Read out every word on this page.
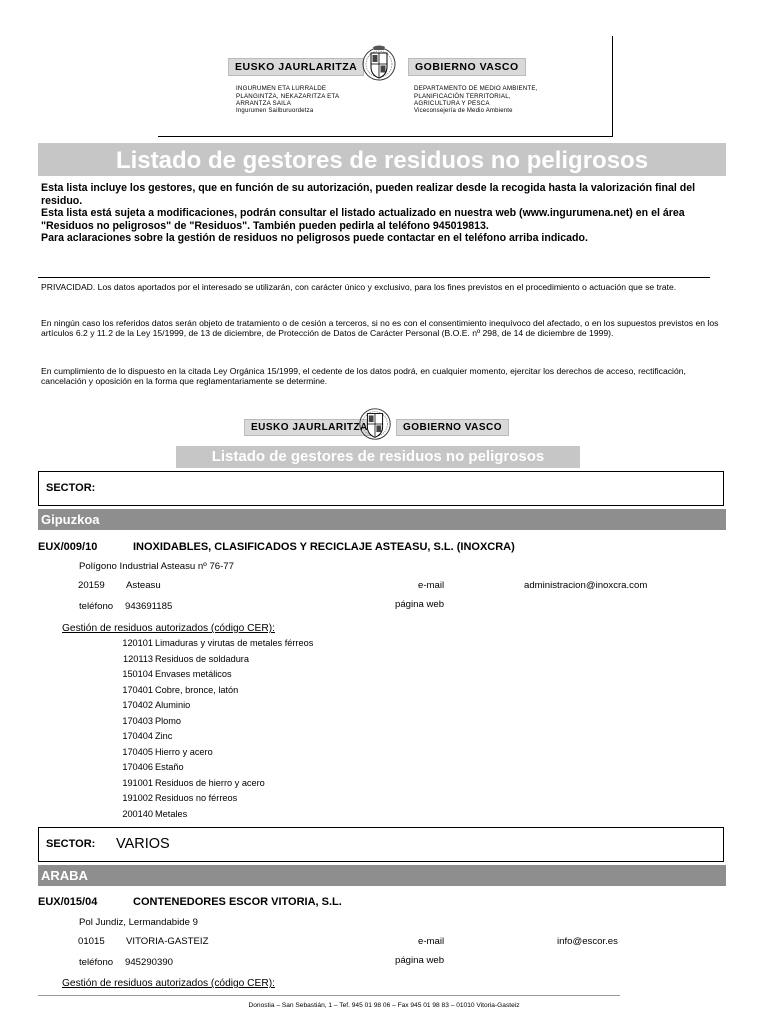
EUSKO JAURLARITZA	GOBIERNO VASCO
INGURUMEN ETA LURRALDE
PLANGINTZA, NEKAZARITZA ETA
ARRANTZA SAILA
Ingurumen Sailburuordetza
DEPARTAMENTO DE MEDIO AMBIENTE,
PLANIFICACIÓN TERRITORIAL,
AGRICULTURA Y PESCA
Viceconsejería de Medio Ambiente
Listado de gestores de residuos no peligrosos
Esta lista incluye los gestores, que en función de su autorización, pueden realizar desde la recogida hasta la valorización final del residuo.
Esta lista está sujeta a modificaciones, podrán consultar el listado actualizado en nuestra web (www.ingurumena.net) en el área "Residuos no peligrosos" de "Residuos". También pueden pedirla al teléfono 945019813.
Para aclaraciones sobre la gestión de residuos no peligrosos puede contactar en el teléfono arriba indicado.
PRIVACIDAD. Los datos aportados por el interesado se utilizarán, con carácter único y exclusivo, para los fines previstos en el procedimiento o actuación que se trate.
En ningún caso los referidos datos serán objeto de tratamiento o de cesión a terceros, si no es con el consentimiento inequívoco del afectado, o en los supuestos previstos en los artículos 6.2 y 11.2 de la Ley 15/1999, de 13 de diciembre, de Protección de Datos de Carácter Personal (B.O.E. nº 298, de 14 de diciembre de 1999).
En cumplimiento de lo dispuesto en la citada Ley Orgánica 15/1999, el cedente de los datos podrá, en cualquier momento, ejercitar los derechos de acceso, rectificación, cancelación y oposición en la forma que reglamentariamente se determine.
EUSKO JAURLARITZA	GOBIERNO VASCO
Listado de gestores de residuos no peligrosos
SECTOR:
Gipuzkoa
EUX/009/10	INOXIDABLES, CLASIFICADOS Y RECICLAJE ASTEASU, S.L. (INOXCRA)
Polígono Industrial Asteasu nº 76-77
20159 Asteasu	e-mail	administracion@inoxcra.com
teléfono 943691185	página web
Gestión de residuos autorizados (código CER):
120101 Limaduras y virutas de metales férreos
120113 Residuos de soldadura
150104 Envases metálicos
170401 Cobre, bronce, latón
170402 Aluminio
170403 Plomo
170404 Zinc
170405 Hierro y acero
170406 Estaño
191001 Residuos de hierro y acero
191002 Residuos no férreos
200140 Metales
SECTOR: VARIOS
ARABA
EUX/015/04	CONTENEDORES ESCOR VITORIA, S.L.
Pol Jundiz, Lermandabide 9
01015 VITORIA-GASTEIZ	e-mail	info@escor.es
teléfono 945290390	página web
Gestión de residuos autorizados (código CER):
Donostia – San Sebastián, 1 – Tef. 945 01 98 06 – Fax 945 01 98 83 – 01010 Vitoria-Gasteiz
